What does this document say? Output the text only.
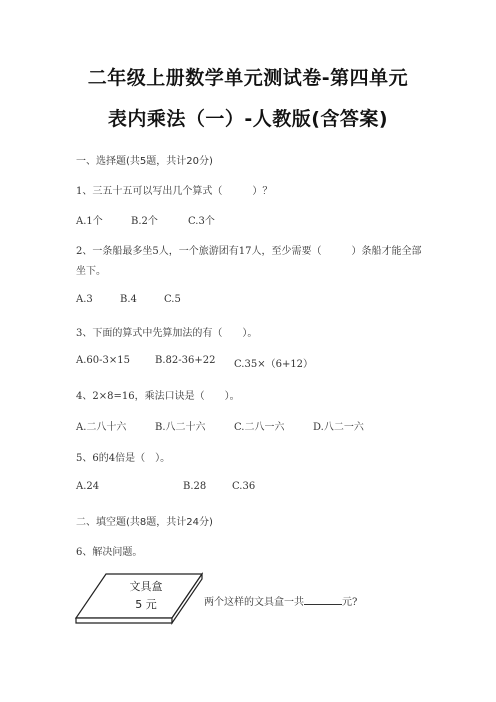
二年级上册数学单元测试卷-第四单元
表内乘法（一）-人教版(含答案)
一、选择题(共5题，共计20分)
1、三五十五可以写出几个算式（　　　）？
A.1个	B.2个	C.3个
2、一条船最多坐5人，一个旅游团有17人，至少需要（　　　）条船才能全部坐下。
A.3	B.4	C.5
3、下面的算式中先算加法的有（　　）。
A.60-3×15	B.82-36+22 C.35×（6+12）
4、2×8=16，乘法口诀是（　　）。
A.二八十六	B.八二十六	C.二八一六	D.八二一六
5、6的4倍是（　）。
A.24	B.28	C.36
二、填空题(共8题，共计24分)
6、解决问题。
文具盒
5 元	两个这样的文具盒一共	元?
